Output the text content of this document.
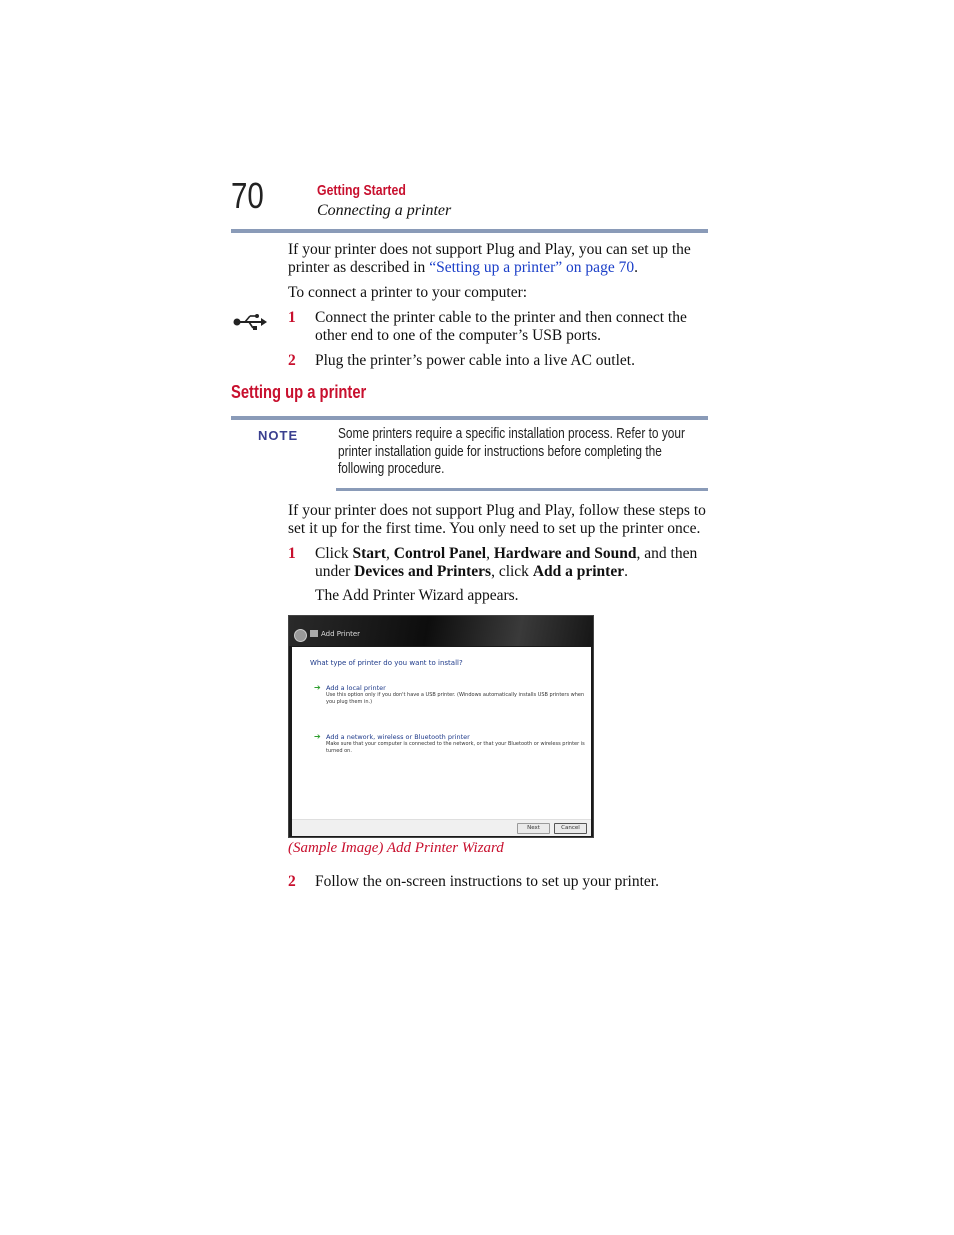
70	Getting Started
Connecting a printer
If your printer does not support Plug and Play, you can set up the printer as described in “Setting up a printer” on page 70.
To connect a printer to your computer:
1 Connect the printer cable to the printer and then connect the other end to one of the computer’s USB ports.
2 Plug the printer’s power cable into a live AC outlet.
Setting up a printer
NOTE	Some printers require a specific installation process. Refer to your printer installation guide for instructions before completing the following procedure.
If your printer does not support Plug and Play, follow these steps to set it up for the first time. You only need to set up the printer once.
1 Click Start, Control Panel, Hardware and Sound, and then under Devices and Printers, click Add a printer.
The Add Printer Wizard appears.
Add Printer
What type of printer do you want to install?
➔ Add a local printer
Use this option only if you don't have a USB printer. (Windows automatically installs USB printers when you plug them in.)
➔ Add a network, wireless or Bluetooth printer
Make sure that your computer is connected to the network, or that your Bluetooth or wireless printer is turned on.
Next	Cancel
(Sample Image) Add Printer Wizard
2 Follow the on-screen instructions to set up your printer.
